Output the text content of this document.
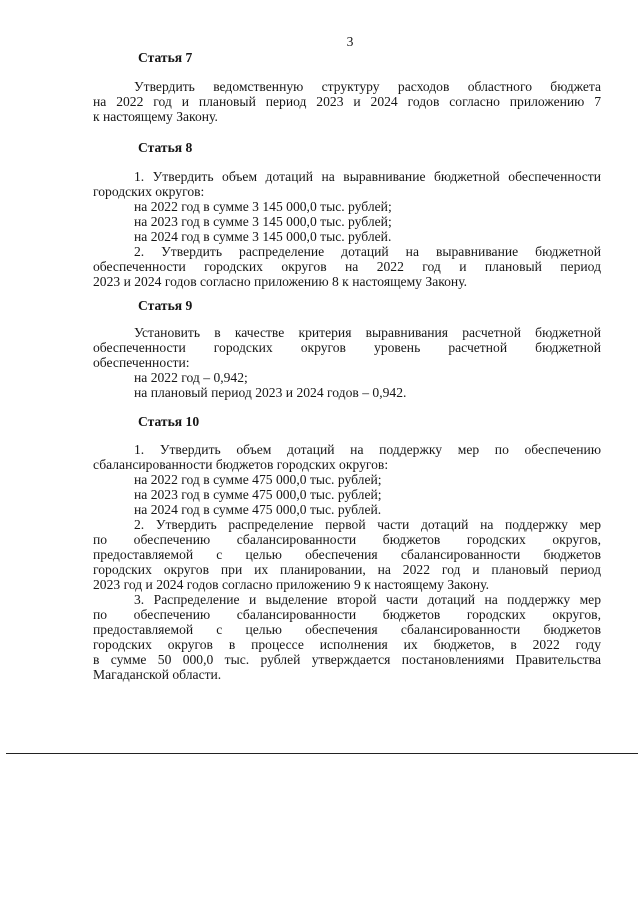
3
Статья 7
Утвердить ведомственную структуру расходов областного бюджета
на 2022 год и плановый период 2023 и 2024 годов согласно приложению 7
к настоящему Закону.
Статья 8
1. Утвердить объем дотаций на выравнивание бюджетной обеспеченности
городских округов:
на 2022 год в сумме 3 145 000,0 тыс. рублей;
на 2023 год в сумме 3 145 000,0 тыс. рублей;
на 2024 год в сумме 3 145 000,0 тыс. рублей.
2. Утвердить распределение дотаций на выравнивание бюджетной
обеспеченности городских округов на 2022 год и плановый период
2023 и 2024 годов согласно приложению 8 к настоящему Закону.
Статья 9
Установить в качестве критерия выравнивания расчетной бюджетной
обеспеченности городских округов уровень расчетной бюджетной
обеспеченности:
на 2022 год – 0,942;
на плановый период 2023 и 2024 годов – 0,942.
Статья 10
1. Утвердить объем дотаций на поддержку мер по обеспечению
сбалансированности бюджетов городских округов:
на 2022 год в сумме 475 000,0 тыс. рублей;
на 2023 год в сумме 475 000,0 тыс. рублей;
на 2024 год в сумме 475 000,0 тыс. рублей.
2. Утвердить распределение первой части дотаций на поддержку мер
по обеспечению сбалансированности бюджетов городских округов,
предоставляемой с целью обеспечения сбалансированности бюджетов
городских округов при их планировании, на 2022 год и плановый период
2023 год и 2024 годов согласно приложению 9 к настоящему Закону.
3. Распределение и выделение второй части дотаций на поддержку мер
по обеспечению сбалансированности бюджетов городских округов,
предоставляемой с целью обеспечения сбалансированности бюджетов
городских округов в процессе исполнения их бюджетов, в 2022 году
в сумме 50 000,0 тыс. рублей утверждается постановлениями Правительства
Магаданской области.
